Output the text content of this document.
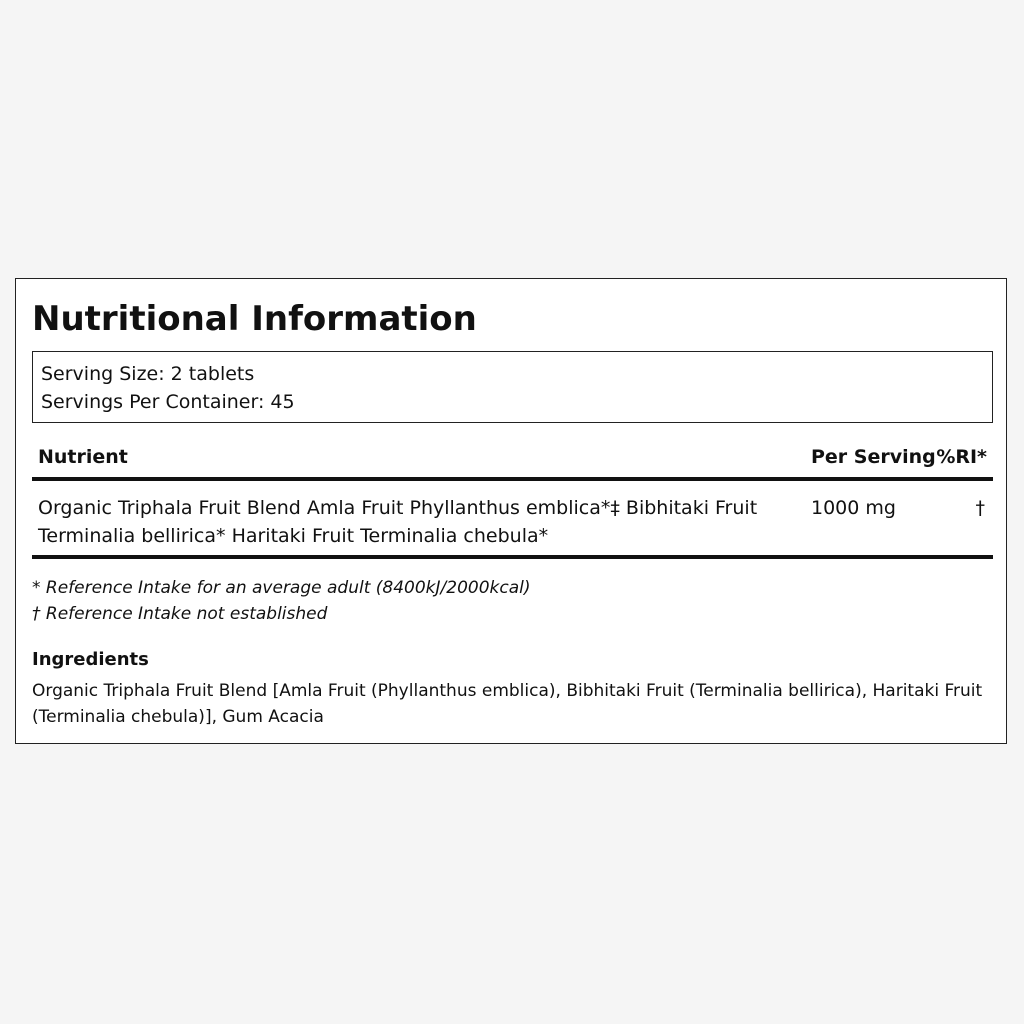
Nutritional Information
Serving Size: 2 tablets
Servings Per Container: 45
Nutrient	Per Serving %RI*
Organic Triphala Fruit Blend Amla Fruit Phyllanthus emblica*‡ Bibhitaki Fruit Terminalia bellirica* Haritaki Fruit Terminalia chebula*
1000 mg	†
* Reference Intake for an average adult (8400kJ/2000kcal)
† Reference Intake not established
Ingredients

Organic Triphala Fruit Blend [Amla Fruit (Phyllanthus emblica), Bibhitaki Fruit (Terminalia bellirica), Haritaki Fruit (Terminalia chebula)], Gum Acacia
